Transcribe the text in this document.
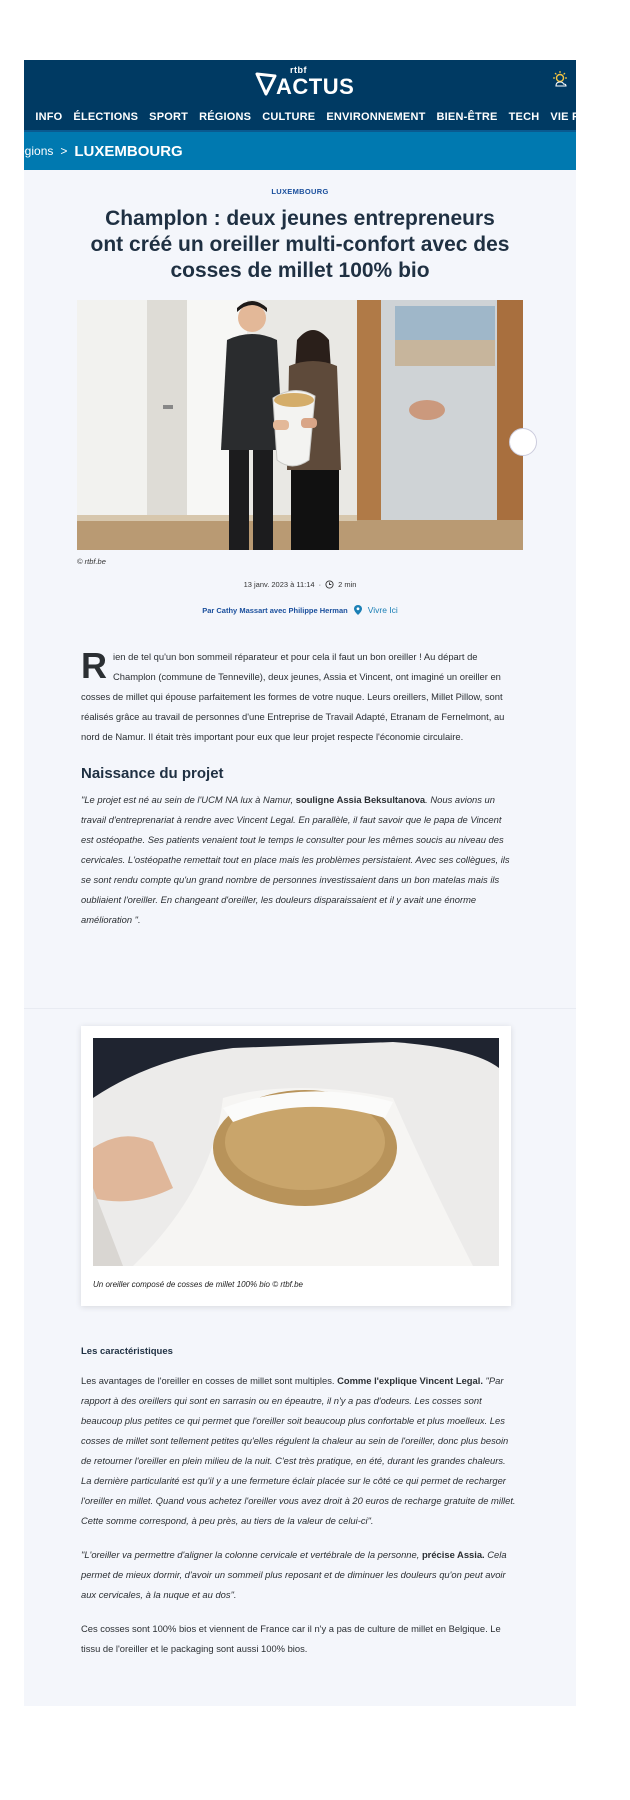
rtbf
ACTUS
J INFO ÉLECTIONS SPORT RÉGIONS CULTURE ENVIRONNEMENT BIEN-ÊTRE TECH VIE PRATIQUE
égions > LUXEMBOURG
LUXEMBOURG
Champlon : deux jeunes entrepreneurs ont créé un oreiller multi-confort avec des cosses de millet 100% bio
© rtbf.be
13 janv. 2023 à 11:14 · 2 min
Par Cathy Massart avec Philippe Herman Vivre Ici

Rien de tel qu'un bon sommeil réparateur et pour cela il faut un bon oreiller ! Au départ de Champlon (commune de Tenneville), deux jeunes, Assia et Vincent, ont imaginé un oreiller en cosses de millet qui épouse parfaitement les formes de votre nuque. Leurs oreillers, Millet Pillow, sont réalisés grâce au travail de personnes d'une Entreprise de Travail Adapté, Etranam de Fernelmont, au nord de Namur. Il était très important pour eux que leur projet respecte l'économie circulaire.

Naissance du projet

"Le projet est né au sein de l'UCM NA lux à Namur, souligne Assia Beksultanova. Nous avions un travail d'entreprenariat à rendre avec Vincent Legal. En parallèle, il faut savoir que le papa de Vincent est ostéopathe. Ses patients venaient tout le temps le consulter pour les mêmes soucis au niveau des cervicales. L'ostéopathe remettait tout en place mais les problèmes persistaient. Avec ses collègues, ils se sont rendu compte qu'un grand nombre de personnes investissaient dans un bon matelas mais ils oubliaient l'oreiller. En changeant d'oreiller, les douleurs disparaissaient et il y avait une énorme amélioration ".

Un oreiller composé de cosses de millet 100% bio © rtbf.be
Les caractéristiques

Les avantages de l'oreiller en cosses de millet sont multiples. Comme l'explique Vincent Legal. "Par rapport à des oreillers qui sont en sarrasin ou en épeautre, il n'y a pas d'odeurs. Les cosses sont beaucoup plus petites ce qui permet que l'oreiller soit beaucoup plus confortable et plus moelleux. Les cosses de millet sont tellement petites qu'elles régulent la chaleur au sein de l'oreiller, donc plus besoin de retourner l'oreiller en plein milieu de la nuit. C'est très pratique, en été, durant les grandes chaleurs. La dernière particularité est qu'il y a une fermeture éclair placée sur le côté ce qui permet de recharger l'oreiller en millet. Quand vous achetez l'oreiller vous avez droit à 20 euros de recharge gratuite de millet. Cette somme correspond, à peu près, au tiers de la valeur de celui-ci".

"L'oreiller va permettre d'aligner la colonne cervicale et vertébrale de la personne, précise Assia. Cela permet de mieux dormir, d'avoir un sommeil plus reposant et de diminuer les douleurs qu'on peut avoir aux cervicales, à la nuque et au dos".

Ces cosses sont 100% bios et viennent de France car il n'y a pas de culture de millet en Belgique. Le tissu de l'oreiller et le packaging sont aussi 100% bios.
